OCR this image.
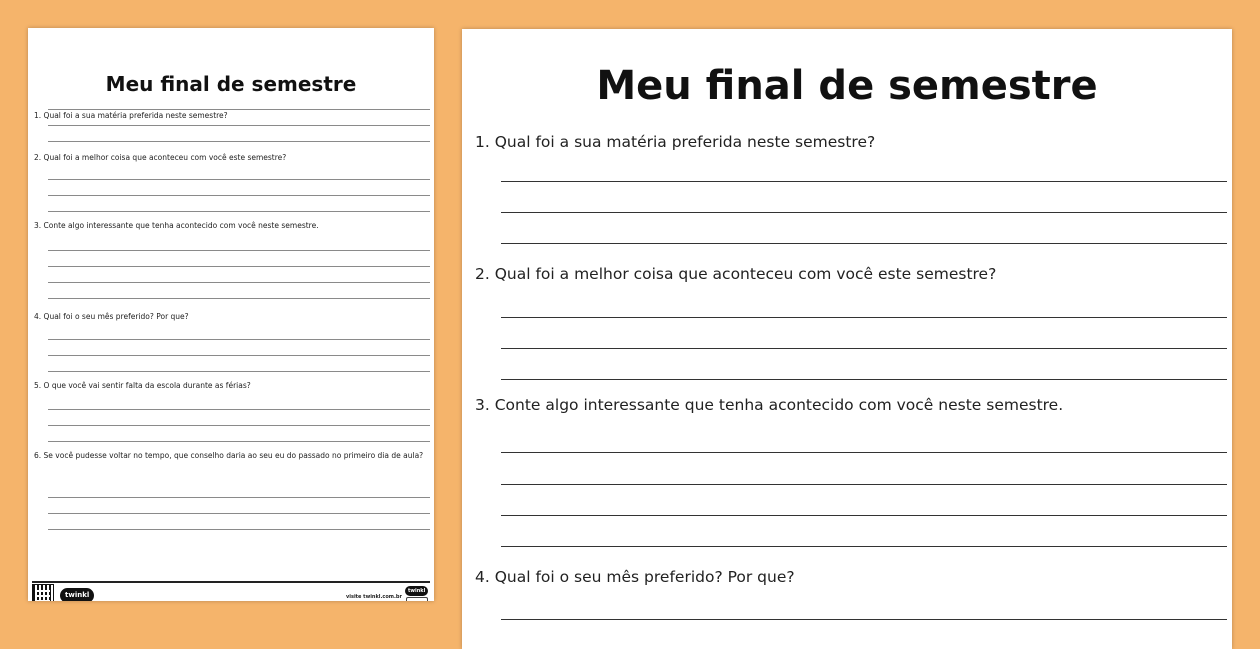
Meu final de semestre
1. Qual foi a sua matéria preferida neste semestre?
2. Qual foi a melhor coisa que aconteceu com você este semestre?
3. Conte algo interessante que tenha acontecido com você neste semestre.
4. Qual foi o seu mês preferido? Por que?
5. O que você vai sentir falta da escola durante as férias?
6. Se você pudesse voltar no tempo, que conselho daria ao seu eu do passado no primeiro dia de aula?
twinkl	visite twinkl.com.br
twinkl
Meu final de semestre
1. Qual foi a sua matéria preferida neste semestre?
2. Qual foi a melhor coisa que aconteceu com você este semestre?
3. Conte algo interessante que tenha acontecido com você neste semestre.
4. Qual foi o seu mês preferido? Por que?
